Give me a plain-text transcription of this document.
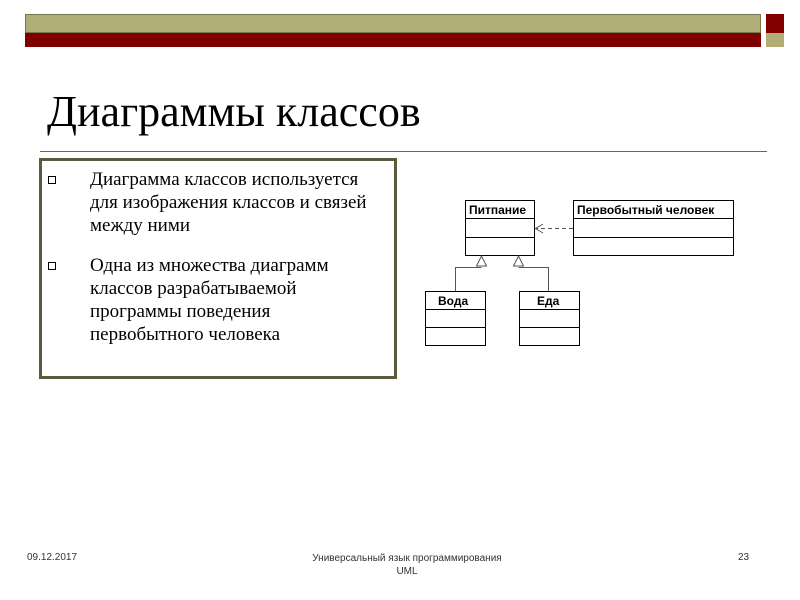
Диаграммы классов
Диаграмма классов используется для изображения классов и связей между ними
Одна из множества диаграмм классов разрабатываемой программы поведения первобытного человека
Питпание	Первобытный человек
Вода	Еда
09.12.2017	Универсальный язык программирования
UML
23
